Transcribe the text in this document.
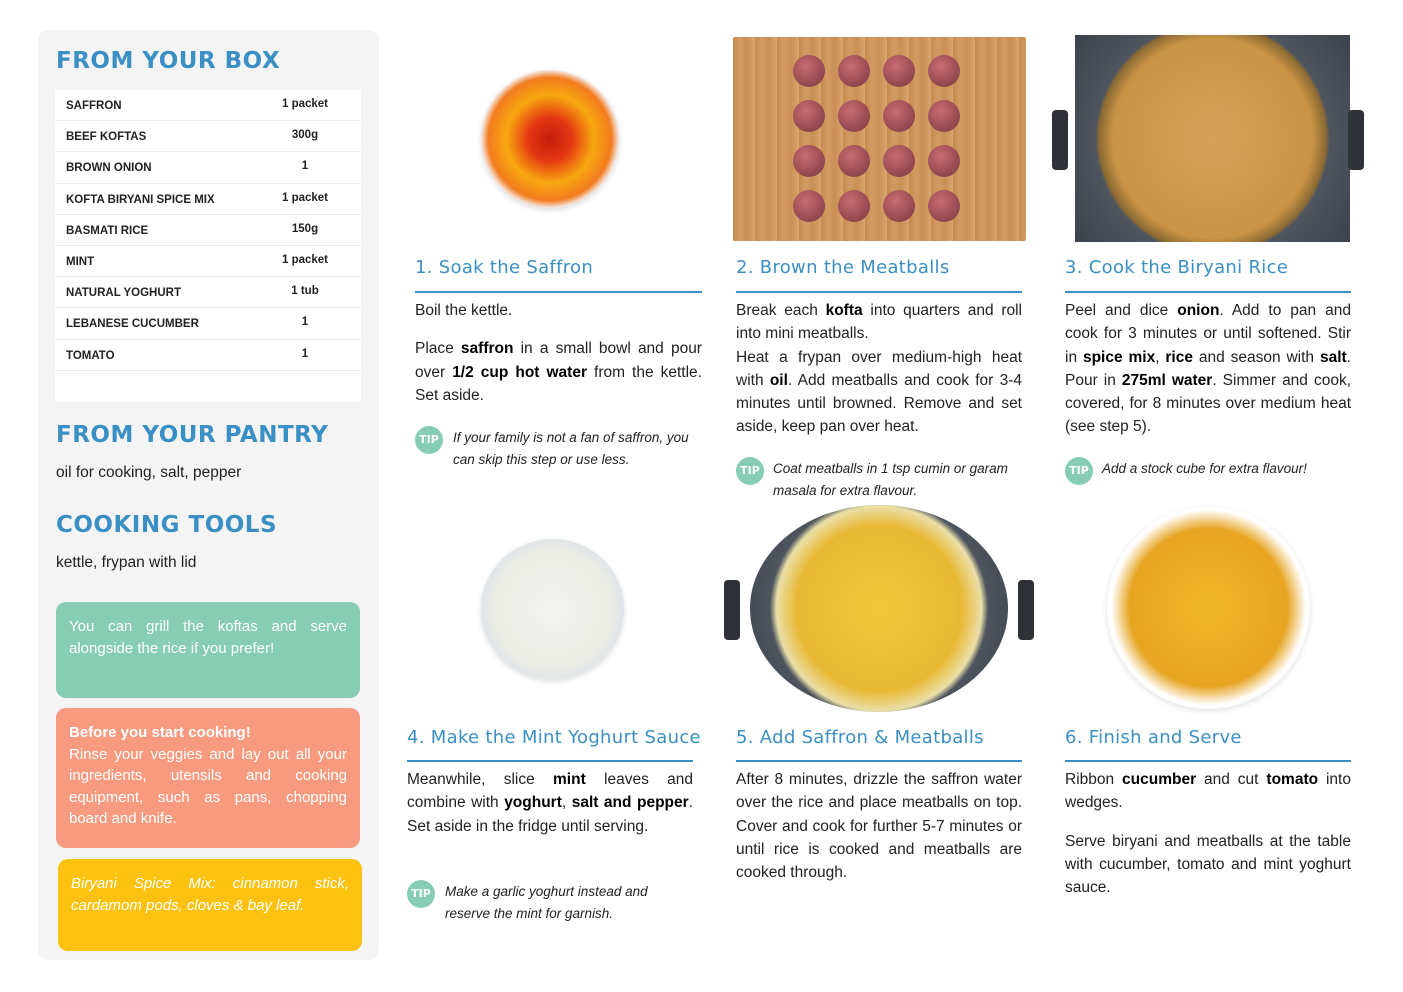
FROM YOUR BOX
SAFFRON	1 packet
BEEF KOFTAS	300g
BROWN ONION	1
KOFTA BIRYANI SPICE MIX	1 packet
BASMATI RICE	150g
MINT	1 packet
NATURAL YOGHURT	1 tub
LEBANESE CUCUMBER	1
TOMATO	1
FROM YOUR PANTRY
oil for cooking, salt, pepper
COOKING TOOLS
kettle, frypan with lid
You can grill the koftas and serve alongside the rice if you prefer!
Before you start cooking!
Rinse your veggies and lay out all your ingredients, utensils and cooking equipment, such as pans, chopping board and knife.
Biryani Spice Mix: cinnamon stick, cardamom pods, cloves & bay leaf.
1. Soak the Saffron

Boil the kettle.

Place saffron in a small bowl and pour over 1/2 cup hot water from the kettle. Set aside.

TIP	If your family is not a fan of saffron, you can skip this step or use less.
2. Brown the Meatballs
Break each kofta into quarters and roll into mini meatballs.
Heat a frypan over medium-high heat with oil. Add meatballs and cook for 3-4 minutes until browned. Remove and set aside, keep pan over heat.
TIP Coat meatballs in 1 tsp cumin or garam masala for extra flavour.
3. Cook the Biryani Rice
Peel and dice onion. Add to pan and cook for 3 minutes or until softened. Stir in spice mix, rice and season with salt. Pour in 275ml water. Simmer and cook, covered, for 8 minutes over medium heat (see step 5).
TIP Add a stock cube for extra flavour!
4. Make the Mint Yoghurt Sauce
Meanwhile, slice mint leaves and combine with yoghurt, salt and pepper. Set aside in the fridge until serving.
TIP	Make a garlic yoghurt instead and reserve the mint for garnish.
5. Add Saffron & Meatballs
After 8 minutes, drizzle the saffron water over the rice and place meatballs on top. Cover and cook for further 5-7 minutes or until rice is cooked and meatballs are cooked through.
6. Finish and Serve

Ribbon cucumber and cut tomato into wedges.

Serve biryani and meatballs at the table with cucumber, tomato and mint yoghurt sauce.
